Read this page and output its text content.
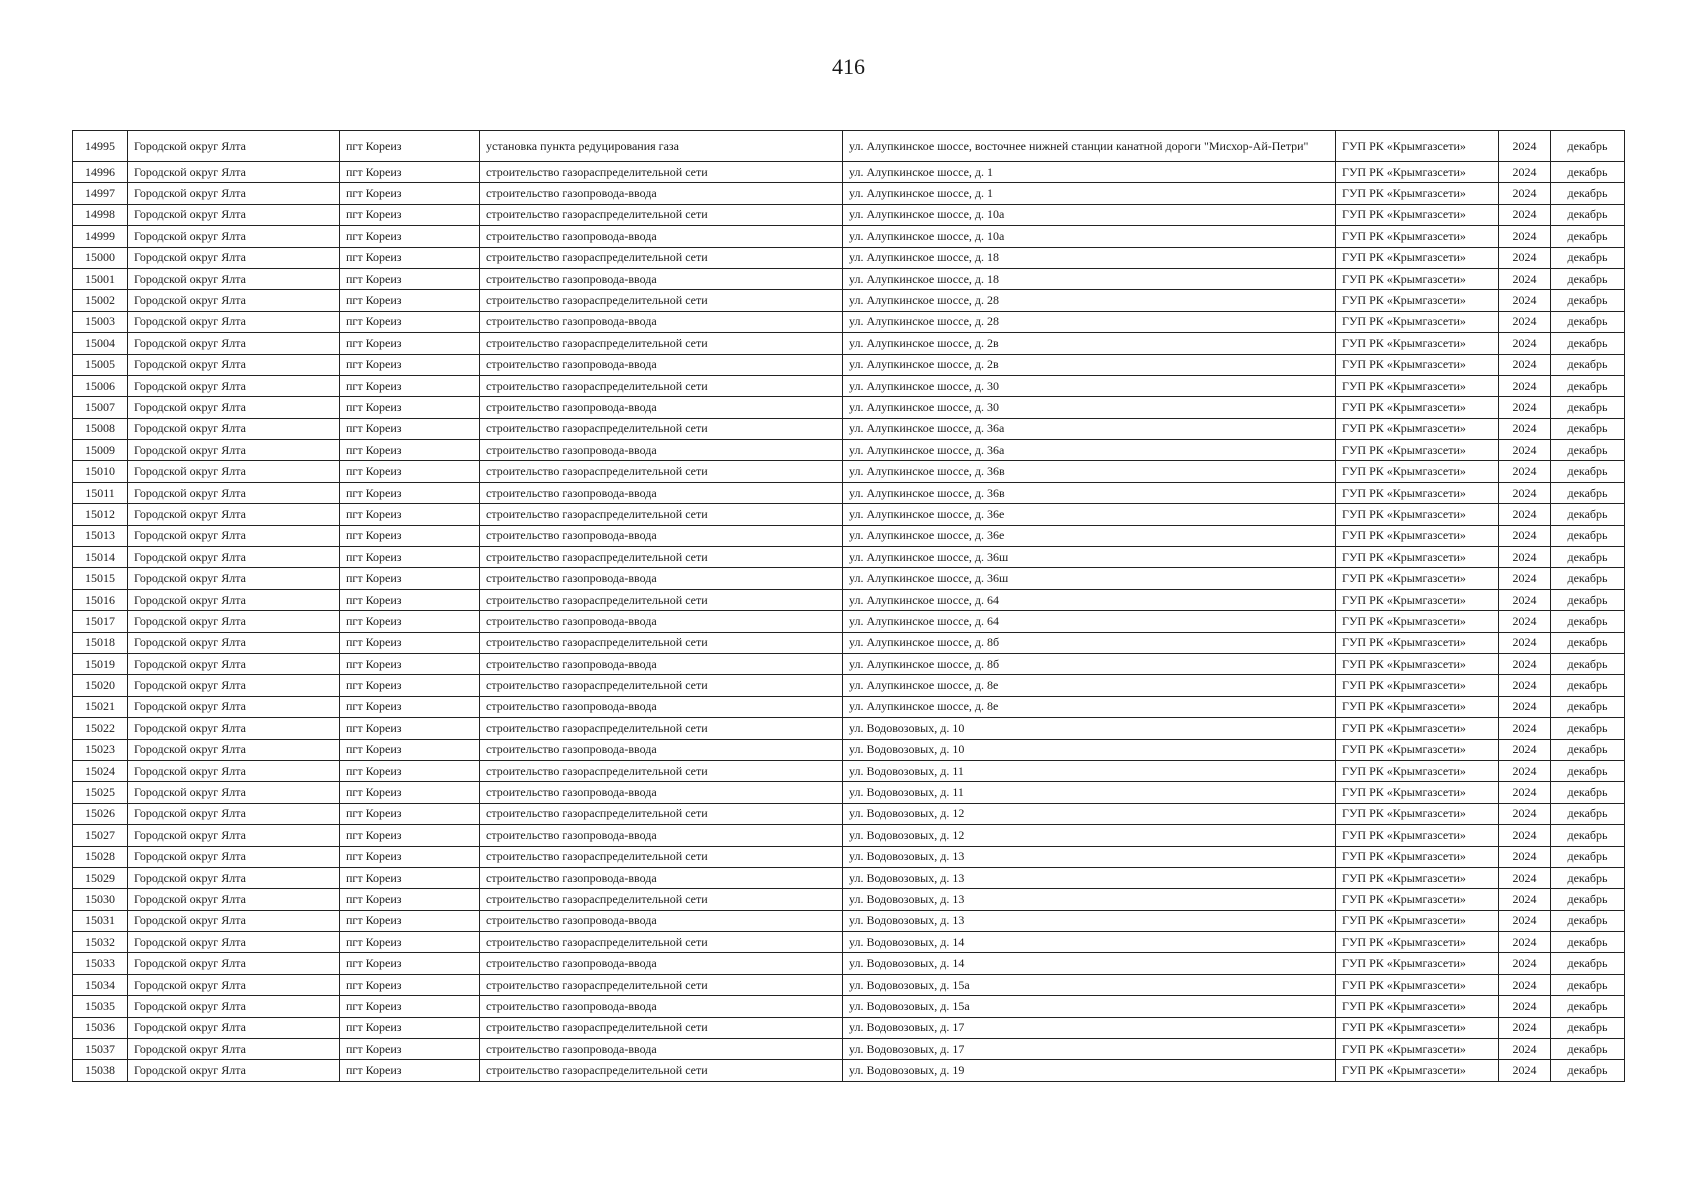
416
14995	Городской округ Ялта	пгт Кореиз	установка пункта редуцирования газа	ул. Алупкинское шоссе, восточнее нижней станции канатной дороги "Мисхор-Ай-Петри"	ГУП РК «Крымгазсети»	2024	декабрь
14996	Городской округ Ялта	пгт Кореиз	строительство газораспределительной сети	ул. Алупкинское шоссе, д. 1	ГУП РК «Крымгазсети»	2024	декабрь
14997	Городской округ Ялта	пгт Кореиз	строительство газопровода-ввода	ул. Алупкинское шоссе, д. 1	ГУП РК «Крымгазсети»	2024	декабрь
14998	Городской округ Ялта	пгт Кореиз	строительство газораспределительной сети	ул. Алупкинское шоссе, д. 10а	ГУП РК «Крымгазсети»	2024	декабрь
14999	Городской округ Ялта	пгт Кореиз	строительство газопровода-ввода	ул. Алупкинское шоссе, д. 10а	ГУП РК «Крымгазсети»	2024	декабрь
15000	Городской округ Ялта	пгт Кореиз	строительство газораспределительной сети	ул. Алупкинское шоссе, д. 18	ГУП РК «Крымгазсети»	2024	декабрь
15001	Городской округ Ялта	пгт Кореиз	строительство газопровода-ввода	ул. Алупкинское шоссе, д. 18	ГУП РК «Крымгазсети»	2024	декабрь
15002	Городской округ Ялта	пгт Кореиз	строительство газораспределительной сети	ул. Алупкинское шоссе, д. 28	ГУП РК «Крымгазсети»	2024	декабрь
15003	Городской округ Ялта	пгт Кореиз	строительство газопровода-ввода	ул. Алупкинское шоссе, д. 28	ГУП РК «Крымгазсети»	2024	декабрь
15004	Городской округ Ялта	пгт Кореиз	строительство газораспределительной сети	ул. Алупкинское шоссе, д. 2в	ГУП РК «Крымгазсети»	2024	декабрь
15005	Городской округ Ялта	пгт Кореиз	строительство газопровода-ввода	ул. Алупкинское шоссе, д. 2в	ГУП РК «Крымгазсети»	2024	декабрь
15006	Городской округ Ялта	пгт Кореиз	строительство газораспределительной сети	ул. Алупкинское шоссе, д. 30	ГУП РК «Крымгазсети»	2024	декабрь
15007	Городской округ Ялта	пгт Кореиз	строительство газопровода-ввода	ул. Алупкинское шоссе, д. 30	ГУП РК «Крымгазсети»	2024	декабрь
15008	Городской округ Ялта	пгт Кореиз	строительство газораспределительной сети	ул. Алупкинское шоссе, д. 36а	ГУП РК «Крымгазсети»	2024	декабрь
15009	Городской округ Ялта	пгт Кореиз	строительство газопровода-ввода	ул. Алупкинское шоссе, д. 36а	ГУП РК «Крымгазсети»	2024	декабрь
15010	Городской округ Ялта	пгт Кореиз	строительство газораспределительной сети	ул. Алупкинское шоссе, д. 36в	ГУП РК «Крымгазсети»	2024	декабрь
15011	Городской округ Ялта	пгт Кореиз	строительство газопровода-ввода	ул. Алупкинское шоссе, д. 36в	ГУП РК «Крымгазсети»	2024	декабрь
15012	Городской округ Ялта	пгт Кореиз	строительство газораспределительной сети	ул. Алупкинское шоссе, д. 36е	ГУП РК «Крымгазсети»	2024	декабрь
15013	Городской округ Ялта	пгт Кореиз	строительство газопровода-ввода	ул. Алупкинское шоссе, д. 36е	ГУП РК «Крымгазсети»	2024	декабрь
15014	Городской округ Ялта	пгт Кореиз	строительство газораспределительной сети	ул. Алупкинское шоссе, д. 36ш	ГУП РК «Крымгазсети»	2024	декабрь
15015	Городской округ Ялта	пгт Кореиз	строительство газопровода-ввода	ул. Алупкинское шоссе, д. 36ш	ГУП РК «Крымгазсети»	2024	декабрь
15016	Городской округ Ялта	пгт Кореиз	строительство газораспределительной сети	ул. Алупкинское шоссе, д. 64	ГУП РК «Крымгазсети»	2024	декабрь
15017	Городской округ Ялта	пгт Кореиз	строительство газопровода-ввода	ул. Алупкинское шоссе, д. 64	ГУП РК «Крымгазсети»	2024	декабрь
15018	Городской округ Ялта	пгт Кореиз	строительство газораспределительной сети	ул. Алупкинское шоссе, д. 8б	ГУП РК «Крымгазсети»	2024	декабрь
15019	Городской округ Ялта	пгт Кореиз	строительство газопровода-ввода	ул. Алупкинское шоссе, д. 8б	ГУП РК «Крымгазсети»	2024	декабрь
15020	Городской округ Ялта	пгт Кореиз	строительство газораспределительной сети	ул. Алупкинское шоссе, д. 8е	ГУП РК «Крымгазсети»	2024	декабрь
15021	Городской округ Ялта	пгт Кореиз	строительство газопровода-ввода	ул. Алупкинское шоссе, д. 8е	ГУП РК «Крымгазсети»	2024	декабрь
15022	Городской округ Ялта	пгт Кореиз	строительство газораспределительной сети	ул. Водовозовых, д. 10	ГУП РК «Крымгазсети»	2024	декабрь
15023	Городской округ Ялта	пгт Кореиз	строительство газопровода-ввода	ул. Водовозовых, д. 10	ГУП РК «Крымгазсети»	2024	декабрь
15024	Городской округ Ялта	пгт Кореиз	строительство газораспределительной сети	ул. Водовозовых, д. 11	ГУП РК «Крымгазсети»	2024	декабрь
15025	Городской округ Ялта	пгт Кореиз	строительство газопровода-ввода	ул. Водовозовых, д. 11	ГУП РК «Крымгазсети»	2024	декабрь
15026	Городской округ Ялта	пгт Кореиз	строительство газораспределительной сети	ул. Водовозовых, д. 12	ГУП РК «Крымгазсети»	2024	декабрь
15027	Городской округ Ялта	пгт Кореиз	строительство газопровода-ввода	ул. Водовозовых, д. 12	ГУП РК «Крымгазсети»	2024	декабрь
15028	Городской округ Ялта	пгт Кореиз	строительство газораспределительной сети	ул. Водовозовых, д. 13	ГУП РК «Крымгазсети»	2024	декабрь
15029	Городской округ Ялта	пгт Кореиз	строительство газопровода-ввода	ул. Водовозовых, д. 13	ГУП РК «Крымгазсети»	2024	декабрь
15030	Городской округ Ялта	пгт Кореиз	строительство газораспределительной сети	ул. Водовозовых, д. 13	ГУП РК «Крымгазсети»	2024	декабрь
15031	Городской округ Ялта	пгт Кореиз	строительство газопровода-ввода	ул. Водовозовых, д. 13	ГУП РК «Крымгазсети»	2024	декабрь
15032	Городской округ Ялта	пгт Кореиз	строительство газораспределительной сети	ул. Водовозовых, д. 14	ГУП РК «Крымгазсети»	2024	декабрь
15033	Городской округ Ялта	пгт Кореиз	строительство газопровода-ввода	ул. Водовозовых, д. 14	ГУП РК «Крымгазсети»	2024	декабрь
15034	Городской округ Ялта	пгт Кореиз	строительство газораспределительной сети	ул. Водовозовых, д. 15а	ГУП РК «Крымгазсети»	2024	декабрь
15035	Городской округ Ялта	пгт Кореиз	строительство газопровода-ввода	ул. Водовозовых, д. 15а	ГУП РК «Крымгазсети»	2024	декабрь
15036	Городской округ Ялта	пгт Кореиз	строительство газораспределительной сети	ул. Водовозовых, д. 17	ГУП РК «Крымгазсети»	2024	декабрь
15037	Городской округ Ялта	пгт Кореиз	строительство газопровода-ввода	ул. Водовозовых, д. 17	ГУП РК «Крымгазсети»	2024	декабрь
15038	Городской округ Ялта	пгт Кореиз	строительство газораспределительной сети	ул. Водовозовых, д. 19	ГУП РК «Крымгазсети»	2024	декабрь
